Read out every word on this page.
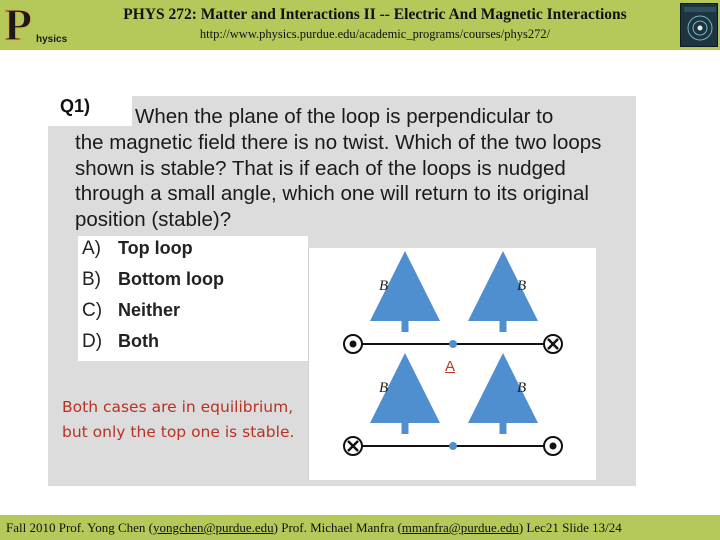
P hysics
PHYS 272: Matter and Interactions II -- Electric And Magnetic Interactions
http://www.physics.purdue.edu/academic_programs/courses/phys272/
Q1)	When the plane of the loop is perpendicular to
the magnetic field there is no twist. Which of the two loops shown is stable? That is if each of the loops is nudged through a small angle, which one will return to its original position (stable)?
A) Top loop
B) Bottom loop
C) Neither
D) Both
Both cases are in equilibrium,
but only the top one is stable.
B	B
B	B
A
Fall 2010 Prof. Yong Chen (yongchen@purdue.edu) Prof. Michael Manfra (mmanfra@purdue.edu) Lec21 Slide 13/24
